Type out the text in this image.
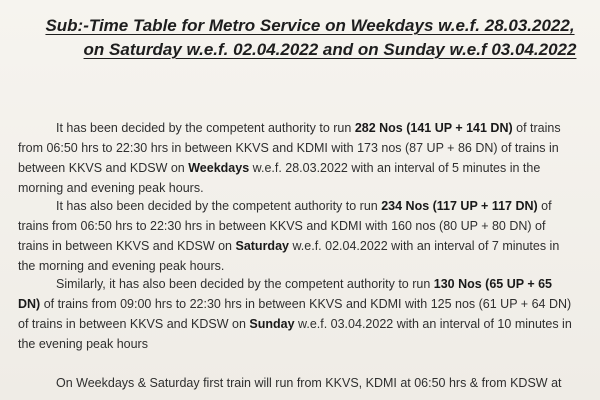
Sub:-Time Table for Metro Service on Weekdays w.e.f. 28.03.2022,
on Saturday w.e.f. 02.04.2022 and on Sunday w.e.f 03.04.2022
It has been decided by the competent authority to run 282 Nos (141 UP + 141 DN) of trains
from 06:50 hrs to 22:30 hrs in between KKVS and KDMI with 173 nos (87 UP + 86 DN) of trains in
between KKVS and KDSW on Weekdays w.e.f. 28.03.2022 with an interval of 5 minutes in the
morning and evening peak hours.
It has also been decided by the competent authority to run 234 Nos (117 UP + 117 DN) of
trains from 06:50 hrs to 22:30 hrs in between KKVS and KDMI with 160 nos (80 UP + 80 DN) of
trains in between KKVS and KDSW on Saturday w.e.f. 02.04.2022 with an interval of 7 minutes in
the morning and evening peak hours.
Similarly, it has also been decided by the competent authority to run 130 Nos (65 UP + 65
DN) of trains from 09:00 hrs to 22:30 hrs in between KKVS and KDMI with 125 nos (61 UP + 64 DN)
of trains in between KKVS and KDSW on Sunday w.e.f. 03.04.2022 with an interval of 10 minutes in
the evening peak hours
On Weekdays & Saturday first train will run from KKVS, KDMI at 06:50 hrs & from KDSW at
